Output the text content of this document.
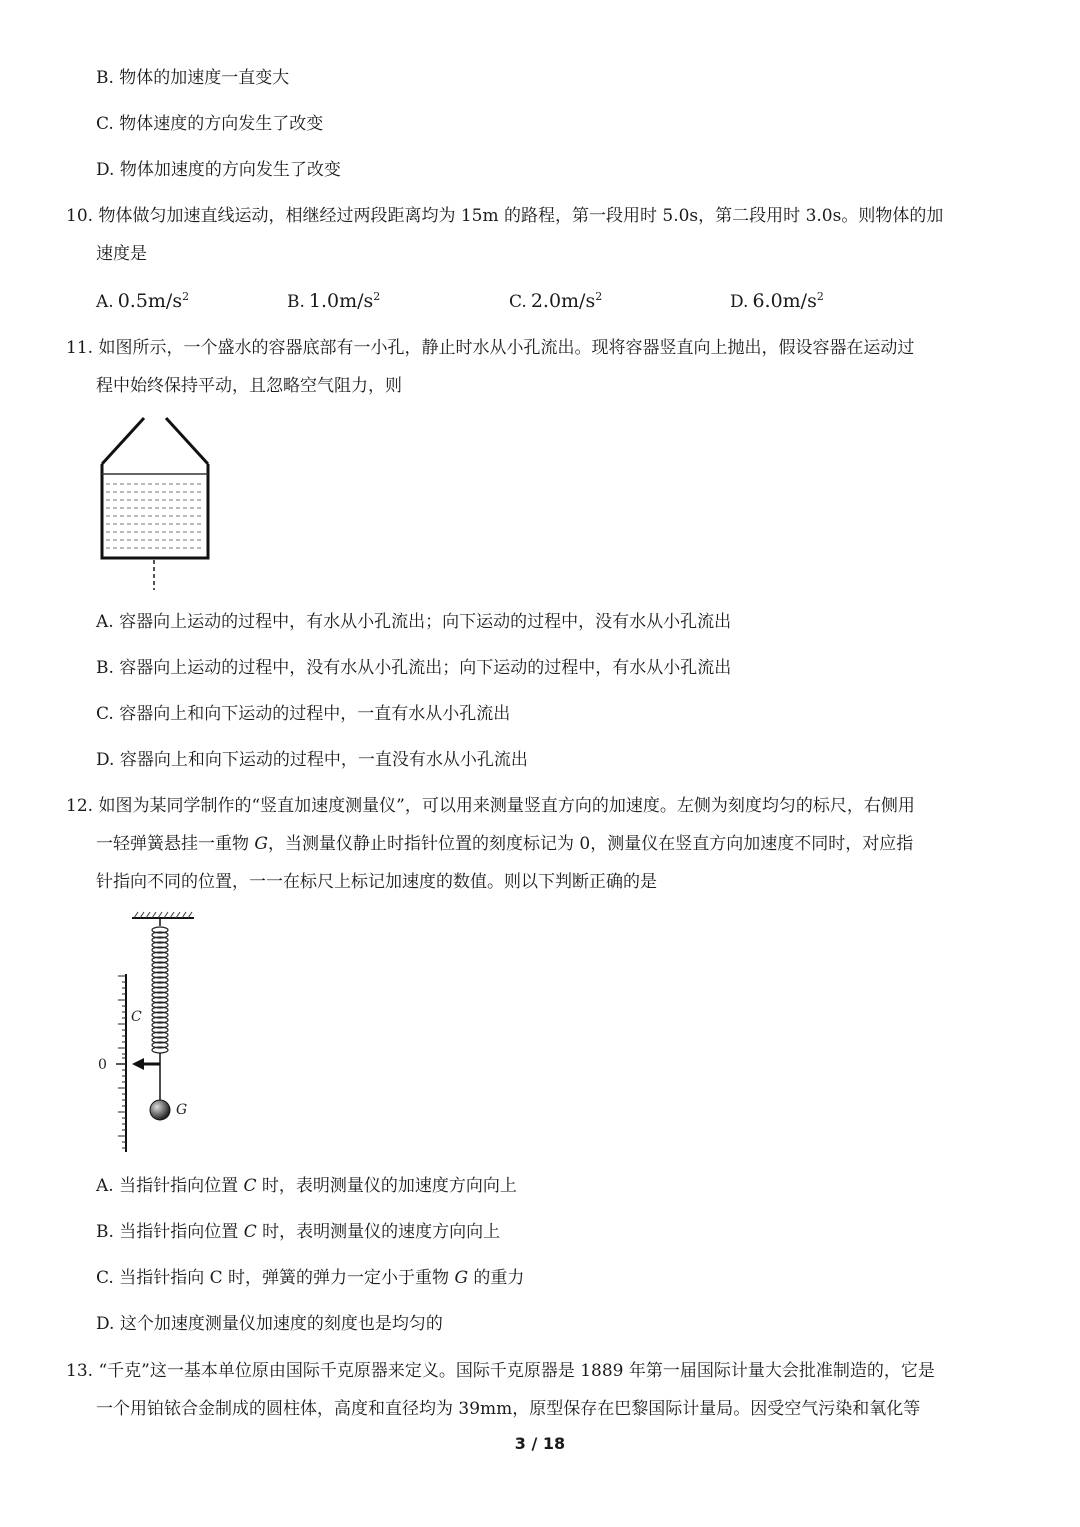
B. 物体的加速度一直变大
C. 物体速度的方向发生了改变
D. 物体加速度的方向发生了改变
10. 物体做匀加速直线运动，相继经过两段距离均为 15m 的路程，第一段用时 5.0s，第二段用时 3.0s。则物体的加
速度是
A. $0.5m/s^2$	B. $1.0m/s^2$	C. $2.0m/s^2$	D. $6.0m/s^2$
11. 如图所示，一个盛水的容器底部有一小孔，静止时水从小孔流出。现将容器竖直向上抛出，假设容器在运动过
程中始终保持平动，且忽略空气阻力，则
A. 容器向上运动的过程中，有水从小孔流出；向下运动的过程中，没有水从小孔流出
B. 容器向上运动的过程中，没有水从小孔流出；向下运动的过程中，有水从小孔流出
C. 容器向上和向下运动的过程中，一直有水从小孔流出
D. 容器向上和向下运动的过程中，一直没有水从小孔流出
12. 如图为某同学制作的“竖直加速度测量仪”，可以用来测量竖直方向的加速度。左侧为刻度均匀的标尺，右侧用
一轻弹簧悬挂一重物 G，当测量仪静止时指针位置的刻度标记为 0，测量仪在竖直方向加速度不同时，对应指
针指向不同的位置，一一在标尺上标记加速度的数值。则以下判断正确的是
C
0
G
A. 当指针指向位置 C 时，表明测量仪的加速度方向向上
B. 当指针指向位置 C 时，表明测量仪的速度方向向上
C. 当指针指向 C 时，弹簧的弹力一定小于重物 G 的重力
D. 这个加速度测量仪加速度的刻度也是均匀的
13. “千克”这一基本单位原由国际千克原器来定义。国际千克原器是 1889 年第一届国际计量大会批准制造的，它是
一个用铂铱合金制成的圆柱体，高度和直径均为 39mm，原型保存在巴黎国际计量局。因受空气污染和氧化等
3 / 18
